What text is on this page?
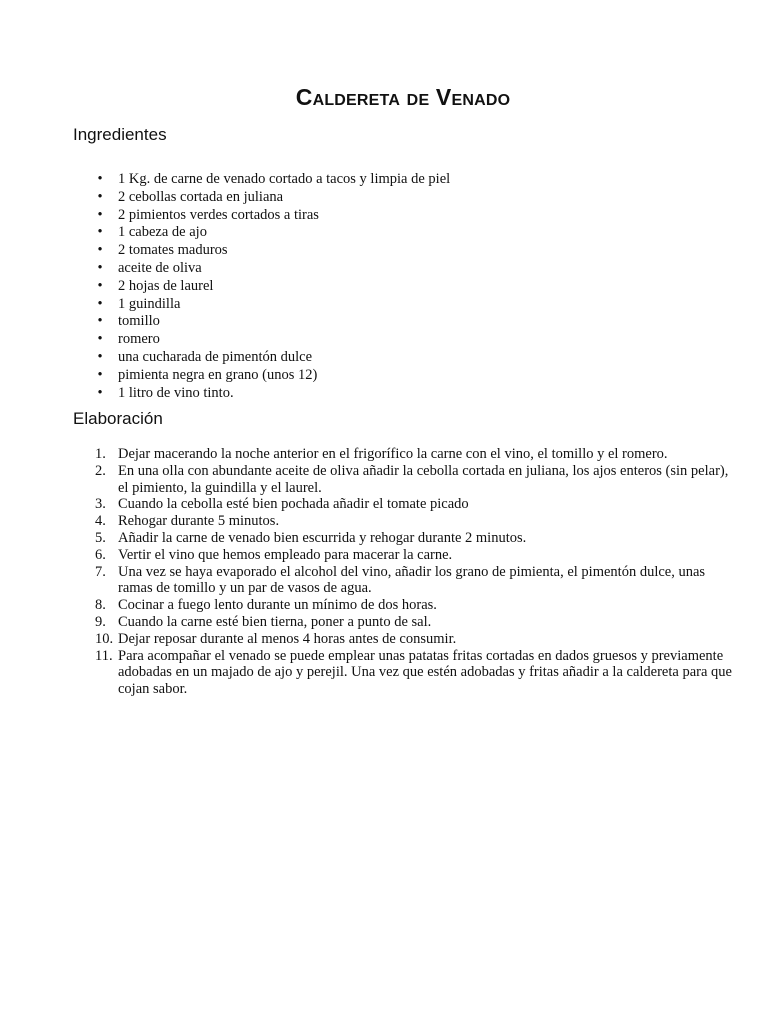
Caldereta de Venado
Ingredientes
• 1 Kg. de carne de venado cortado a tacos y limpia de piel
• 2 cebollas cortada en juliana
• 2 pimientos verdes cortados a tiras
• 1 cabeza de ajo
• 2 tomates maduros
• aceite de oliva
• 2 hojas de laurel
• 1 guindilla
• tomillo
• romero
• una cucharada de pimentón dulce
• pimienta negra en grano (unos 12)
• 1 litro de vino tinto.
Elaboración
1. Dejar macerando la noche anterior en el frigorífico la carne con el vino, el tomillo y el romero.
2. En una olla con abundante aceite de oliva añadir la cebolla cortada en juliana, los ajos enteros (sin pelar), el pimiento, la guindilla y el laurel.
3. Cuando la cebolla esté bien pochada añadir el tomate picado
4. Rehogar durante 5 minutos.
5. Añadir la carne de venado bien escurrida y rehogar durante 2 minutos.
6. Vertir el vino que hemos empleado para macerar la carne.
7. Una vez se haya evaporado el alcohol del vino, añadir los grano de pimienta, el pimentón dulce, unas ramas de tomillo y un par de vasos de agua.
8. Cocinar a fuego lento durante un mínimo de dos horas.
9. Cuando la carne esté bien tierna, poner a punto de sal.
10. Dejar reposar durante al menos 4 horas antes de consumir.
11. Para acompañar el venado se puede emplear unas patatas fritas cortadas en dados gruesos y previamente adobadas en un majado de ajo y perejil. Una vez que estén adobadas y fritas añadir a la caldereta para que cojan sabor.
